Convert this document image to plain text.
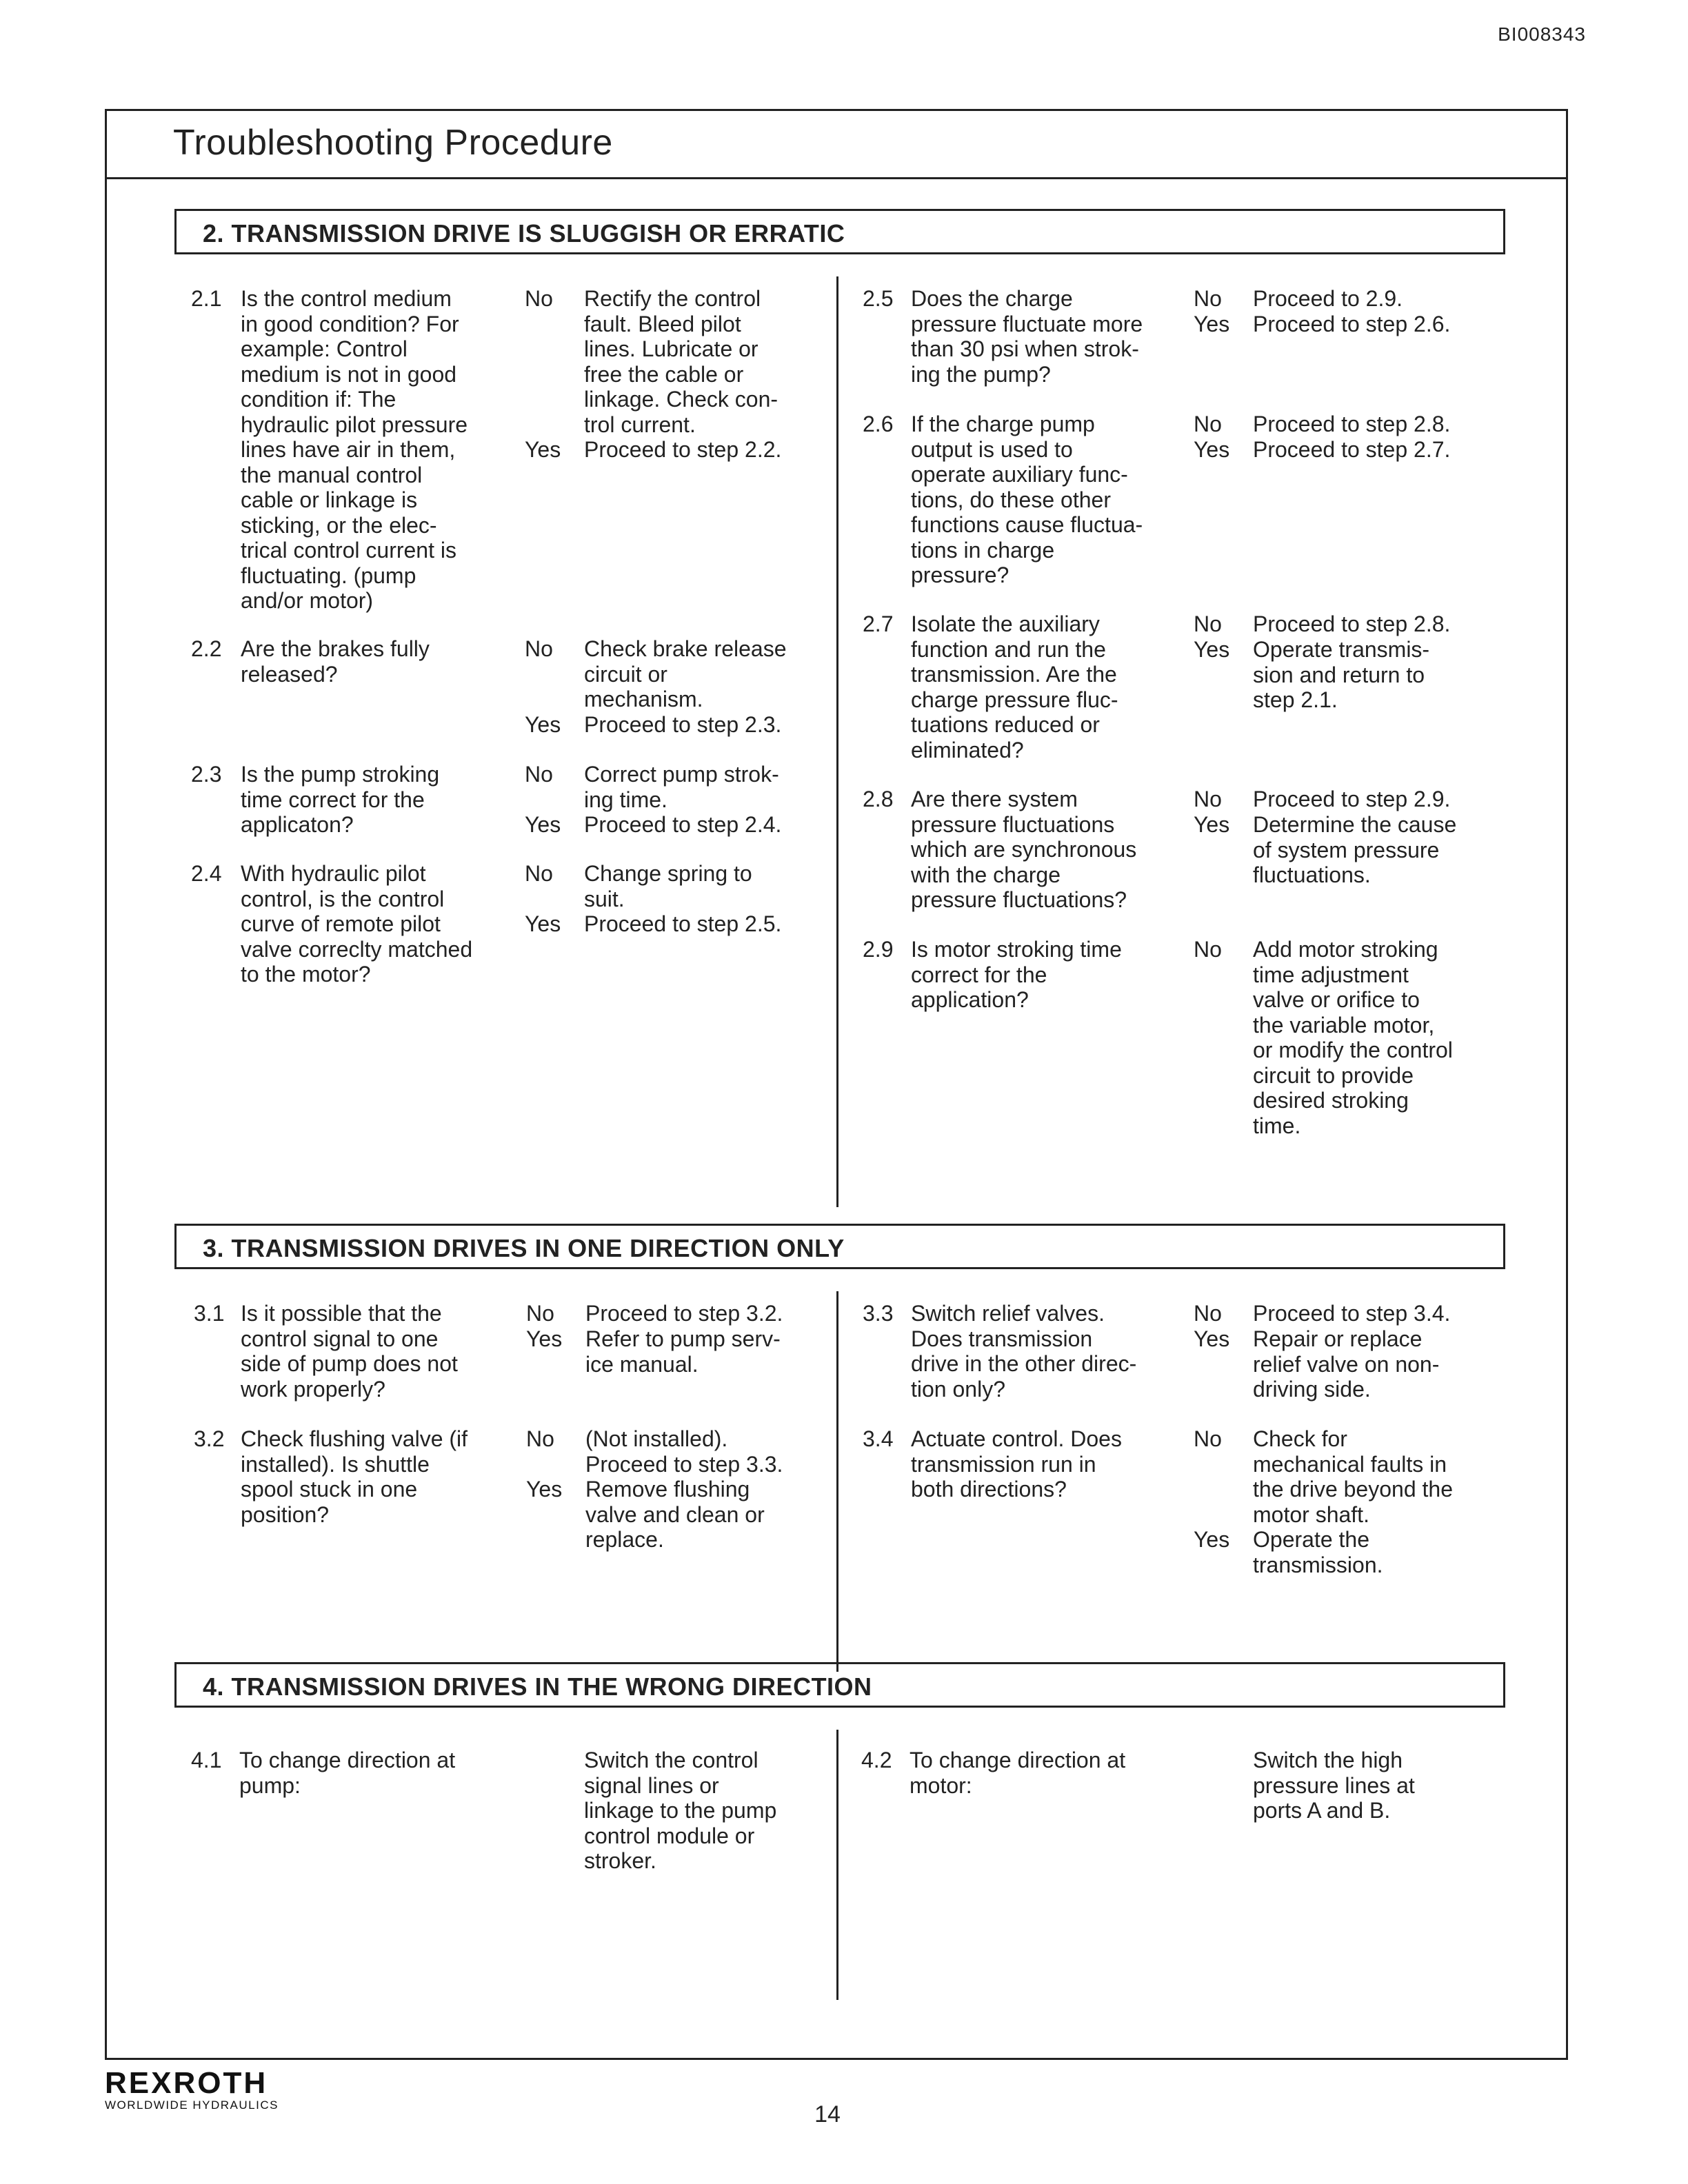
BI008343
Troubleshooting Procedure
2. TRANSMISSION DRIVE IS SLUGGISH OR ERRATIC
2.1 Is the control medium
in good condition? For
example: Control
medium is not in good
condition if: The
hydraulic pilot pressure
lines have air in them,
the manual control
cable or linkage is
sticking, or the elec-
trical control current is
fluctuating. (pump
and/or motor)
No Rectify the control
fault. Bleed pilot
lines. Lubricate or
free the cable or
linkage. Check con-
trol current.
Yes Proceed to step 2.2.
2.2 Are the brakes fully
released?
No Check brake release
circuit or
mechanism.
Yes Proceed to step 2.3.
2.3 Is the pump stroking
time correct for the
applicaton?
No Correct pump strok-
ing time.
Yes Proceed to step 2.4.
2.4 With hydraulic pilot
control, is the control
curve of remote pilot
valve correclty matched
to the motor?
No Change spring to
suit.
Yes Proceed to step 2.5.
2.5 Does the charge
pressure fluctuate more
than 30 psi when strok-
ing the pump?
No Proceed to 2.9.
Yes Proceed to step 2.6.
2.6 If the charge pump
output is used to
operate auxiliary func-
tions, do these other
functions cause fluctua-
tions in charge
pressure?
No Proceed to step 2.8.
Yes Proceed to step 2.7.
2.7 Isolate the auxiliary
function and run the
transmission. Are the
charge pressure fluc-
tuations reduced or
eliminated?
No Proceed to step 2.8.
Yes Operate transmis-
sion and return to
step 2.1.
2.8 Are there system
pressure fluctuations
which are synchronous
with the charge
pressure fluctuations?
No Proceed to step 2.9.
Yes Determine the cause
of system pressure
fluctuations.
2.9 Is motor stroking time
correct for the
application?
No Add motor stroking
time adjustment
valve or orifice to
the variable motor,
or modify the control
circuit to provide
desired stroking
time.
3. TRANSMISSION DRIVES IN ONE DIRECTION ONLY
3.1 Is it possible that the
control signal to one
side of pump does not
work properly?
No Proceed to step 3.2.
Yes Refer to pump serv-
ice manual.
3.2 Check flushing valve (if
installed). Is shuttle
spool stuck in one
position?
No (Not installed).
Proceed to step 3.3.
Yes Remove flushing
valve and clean or
replace.
3.3 Switch relief valves.
Does transmission
drive in the other direc-
tion only?
No Proceed to step 3.4.
Yes Repair or replace
relief valve on non-
driving side.
3.4 Actuate control. Does
transmission run in
both directions?
No Check for
mechanical faults in
the drive beyond the
motor shaft.
Yes Operate the
transmission.
4. TRANSMISSION DRIVES IN THE WRONG DIRECTION
4.1 To change direction at
pump:
Switch the control
signal lines or
linkage to the pump
control module or
stroker.
4.2 To change direction at
motor:
Switch the high
pressure lines at
ports A and B.
REXROTH
WORLDWIDE HYDRAULICS	14
